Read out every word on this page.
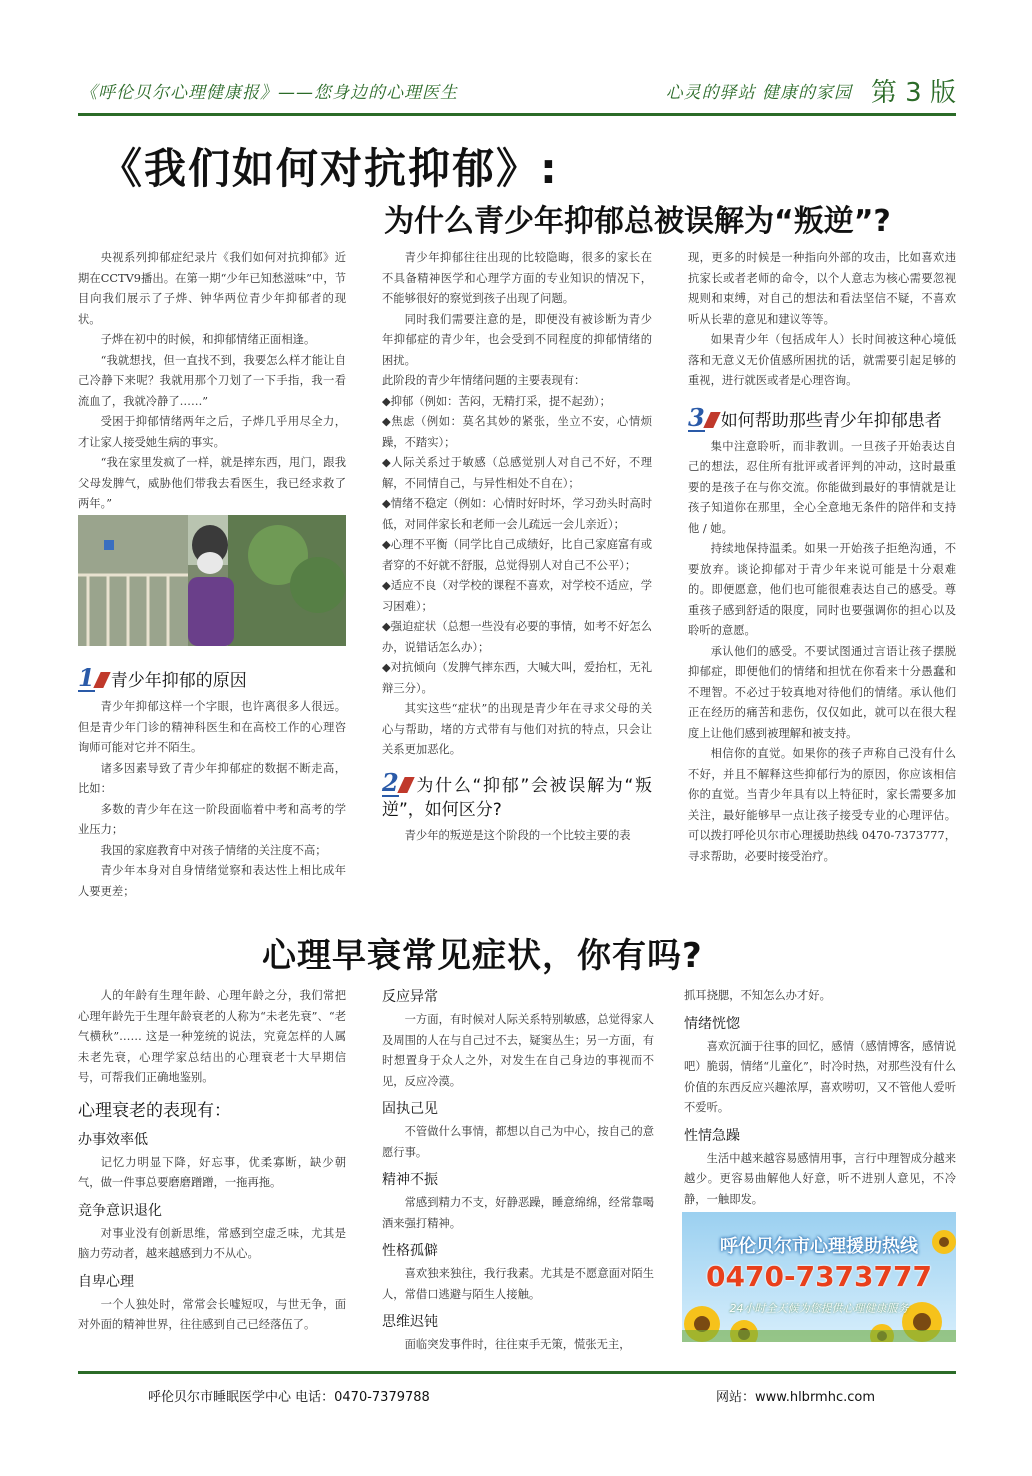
《呼伦贝尔心理健康报》——您身边的心理医生	心灵的驿站 健康的家园 第 3 版
《我们如何对抗抑郁》:
为什么青少年抑郁总被误解为“叛逆”?

央视系列抑郁症纪录片《我们如何对抗抑郁》近期在CCTV9播出。在第一期“少年已知愁滋味”中，节目向我们展示了子烨、钟华两位青少年抑郁者的现状。

子烨在初中的时候，和抑郁情绪正面相逢。

“我就想找，但一直找不到，我要怎么样才能让自己冷静下来呢？我就用那个刀划了一下手指，我一看流血了，我就冷静了……”

受困于抑郁情绪两年之后，子烨几乎用尽全力，才让家人接受她生病的事实。

“我在家里发疯了一样，就是摔东西，甩门，跟我父母发脾气，威胁他们带我去看医生，我已经求救了两年。”

1 青少年抑郁的原因

青少年抑郁这样一个字眼，也许离很多人很远。但是青少年门诊的精神科医生和在高校工作的心理咨询师可能对它并不陌生。

诸多因素导致了青少年抑郁症的数据不断走高，比如：

多数的青少年在这一阶段面临着中考和高考的学业压力；

我国的家庭教育中对孩子情绪的关注度不高；

青少年本身对自身情绪觉察和表达性上相比成年人要更差；

青少年抑郁往往出现的比较隐晦，很多的家长在不具备精神医学和心理学方面的专业知识的情况下，不能够很好的察觉到孩子出现了问题。

同时我们需要注意的是，即便没有被诊断为青少年抑郁症的青少年，也会受到不同程度的抑郁情绪的困扰。

此阶段的青少年情绪问题的主要表现有：

◆抑郁（例如：苦闷，无精打采，提不起劲）；

◆焦虑（例如：莫名其妙的紧张，坐立不安，心情烦躁，不踏实）；

◆人际关系过于敏感（总感觉别人对自己不好，不理解，不同情自己，与异性相处不自在）；

◆情绪不稳定（例如：心情时好时坏，学习劲头时高时低，对同伴家长和老师一会儿疏远一会儿亲近）；

◆心理不平衡（同学比自己成绩好，比自己家庭富有或者穿的不好就不舒服，总觉得别人对自己不公平）；

◆适应不良（对学校的课程不喜欢，对学校不适应，学习困难）；

◆强迫症状（总想一些没有必要的事情，如考不好怎么办，说错话怎么办）；

◆对抗倾向（发脾气摔东西，大喊大叫，爱抬杠，无礼辩三分）。

其实这些“症状”的出现是青少年在寻求父母的关心与帮助，堵的方式带有与他们对抗的特点，只会让关系更加恶化。

2 为什么“抑郁”会被误解为“叛逆”，如何区分?

青少年的叛逆是这个阶段的一个比较主要的表

现，更多的时候是一种指向外部的攻击，比如喜欢违抗家长或者老师的命令，以个人意志为核心需要忽视规则和束缚，对自己的想法和看法坚信不疑，不喜欢听从长辈的意见和建议等等。

如果青少年（包括成年人）长时间被这种心境低落和无意义无价值感所困扰的话，就需要引起足够的重视，进行就医或者是心理咨询。

3 如何帮助那些青少年抑郁患者

集中注意聆听，而非教训。一旦孩子开始表达自己的想法，忍住所有批评或者评判的冲动，这时最重要的是孩子在与你交流。你能做到最好的事情就是让孩子知道你在那里，全心全意地无条件的陪伴和支持他 / 她。

持续地保持温柔。如果一开始孩子拒绝沟通，不要放弃。谈论抑郁对于青少年来说可能是十分艰难的。即便愿意，他们也可能很难表达自己的感受。尊重孩子感到舒适的限度，同时也要强调你的担心以及聆听的意愿。

承认他们的感受。不要试图通过言语让孩子摆脱抑郁症，即便他们的情绪和担忧在你看来十分愚蠢和不理智。不必过于较真地对待他们的情绪。承认他们正在经历的痛苦和悲伤，仅仅如此，就可以在很大程度上让他们感到被理解和被支持。

相信你的直觉。如果你的孩子声称自己没有什么不好，并且不解释这些抑郁行为的原因，你应该相信你的直觉。当青少年具有以上特征时，家长需要多加关注，最好能够早一点让孩子接受专业的心理评估。可以拨打呼伦贝尔市心理援助热线 0470-7373777，寻求帮助，必要时接受治疗。

心理早衰常见症状，你有吗?

人的年龄有生理年龄、心理年龄之分，我们常把心理年龄先于生理年龄衰老的人称为“未老先衰”、“老气横秋”…… 这是一种笼统的说法，究竟怎样的人属未老先衰，心理学家总结出的心理衰老十大早期信号，可帮我们正确地鉴别。

心理衰老的表现有：
办事效率低

记忆力明显下降，好忘事，优柔寡断，缺少朝气，做一件事总要磨磨蹭蹭，一拖再拖。

竞争意识退化

对事业没有创新思维，常感到空虚乏味，尤其是脑力劳动者，越来越感到力不从心。

自卑心理

一个人独处时，常常会长嘘短叹，与世无争，面对外面的精神世界，往往感到自己已经落伍了。

反应异常

一方面，有时候对人际关系特别敏感，总觉得家人及周围的人在与自己过不去，疑窦丛生；另一方面，有时想置身于众人之外，对发生在自己身边的事视而不见，反应冷漠。

固执己见

不管做什么事情，都想以自己为中心，按自己的意愿行事。

精神不振

常感到精力不支，好静恶躁，睡意绵绵，经常靠喝酒来强打精神。

性格孤僻

喜欢独来独往，我行我素。尤其是不愿意面对陌生人，常借口逃避与陌生人接触。

思维迟钝

面临突发事件时，往往束手无策，慌张无主，

抓耳挠腮，不知怎么办才好。

情绪恍惚

喜欢沉湎于往事的回忆，感情（感情博客，感情说吧）脆弱，情绪“儿童化”，时冷时热，对那些没有什么价值的东西反应兴趣浓厚，喜欢唠叨，又不管他人爱听不爱听。

性情急躁

生活中越来越容易感情用事，言行中理智成分越来越少。更容易曲解他人好意，听不进别人意见，不冷静，一触即发。

呼伦贝尔市心理援助热线
0470-7373777
24小时全天候为您提供心理健康服务
呼伦贝尔市睡眠医学中心 电话：0470-7379788	网站：www.hlbrmhc.com
